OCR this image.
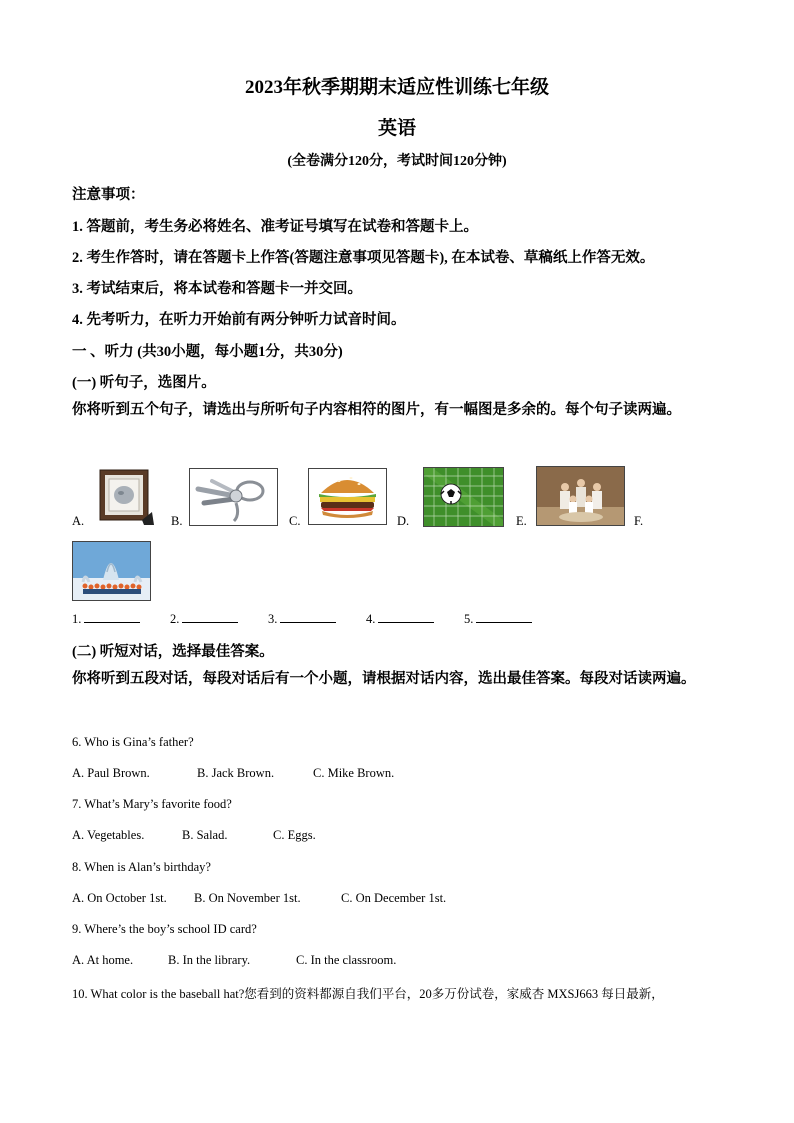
2023年秋季期期末适应性训练七年级
英语
(全卷满分120分，考试时间120分钟)
注意事项：
1. 答题前，考生务必将姓名、准考证号填写在试卷和答题卡上。
2. 考生作答时，请在答题卡上作答(答题注意事项见答题卡), 在本试卷、草稿纸上作答无效。
3. 考试结束后，将本试卷和答题卡一并交回。
4. 先考听力，在听力开始前有两分钟听力试音时间。
一 、听力 (共30小题，每小题1分，共30分)
(一) 听句子，选图片。
你将听到五个句子，请选出与所听句子内容相符的图片，有一幅图是多余的。每个句子读两遍。
A.	B.	C.	D.	E.	F.
1.	2.	3.	4.	5.
(二) 听短对话，选择最佳答案。
你将听到五段对话，每段对话后有一个小题，请根据对话内容，选出最佳答案。每段对话读两遍。
6. Who is Gina’s father?
A. Paul Brown.	B. Jack Brown.	C. Mike Brown.
7. What’s Mary’s favorite food?
A. Vegetables.	B. Salad.	C. Eggs.
8. When is Alan’s birthday?
A. On October 1st. B. On November 1st.	C. On December 1st.
9. Where’s the boy’s school ID card?
A. At home.	B. In the library.	C. In the classroom.
10. What color is the baseball hat?您看到的资料都源自我们平台，20多万份试卷，家威杏 MXSJ663 每日最新，
